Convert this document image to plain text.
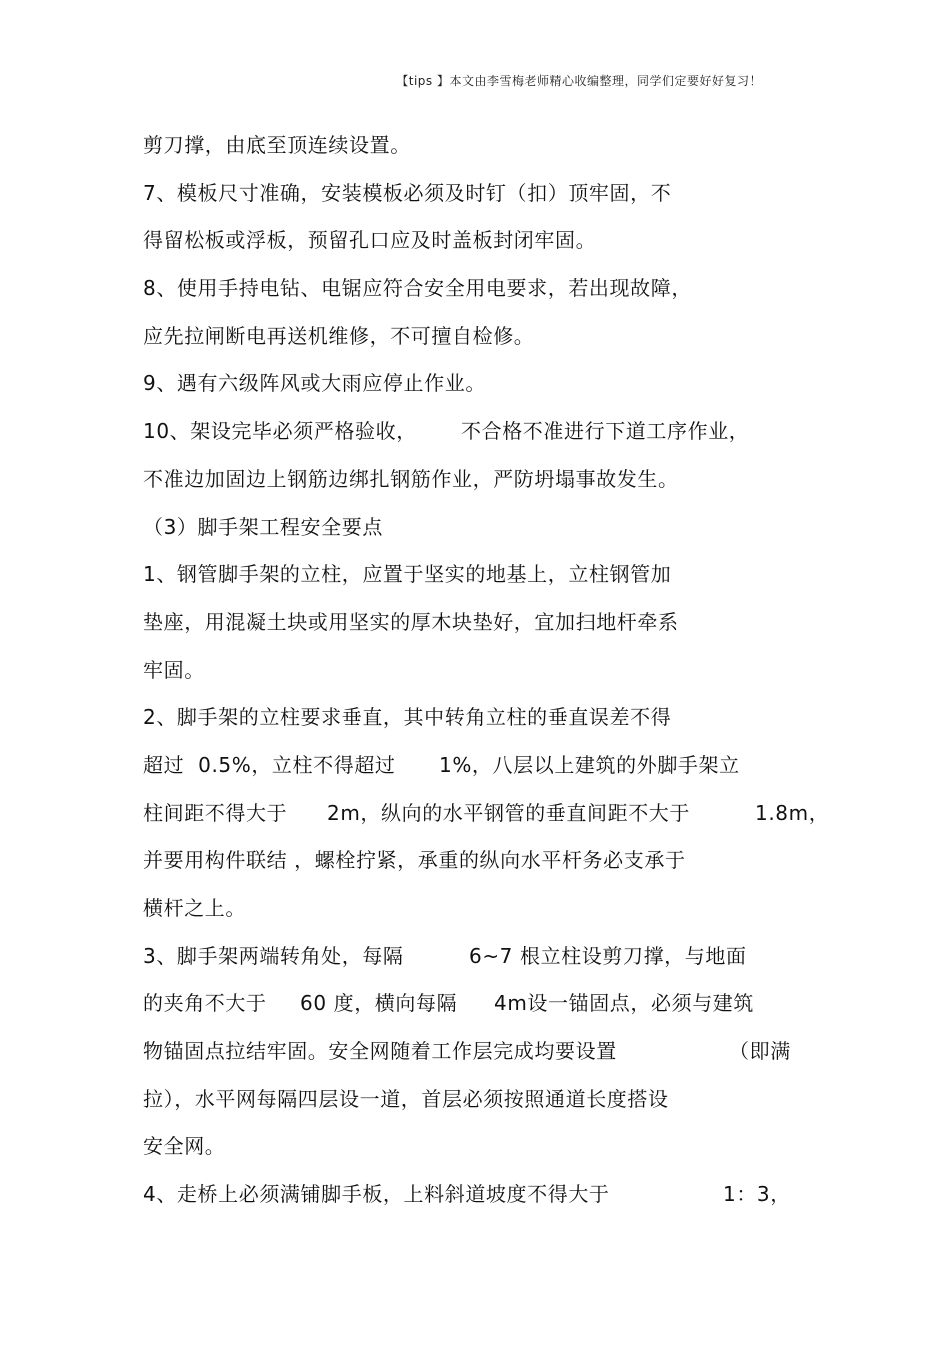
【tips 】本文由李雪梅老师精心收编整理，同学们定要好好复习！
剪刀撑，由底至顶连续设置。
7、模板尺寸准确，安装模板必须及时钉（扣）顶牢固，不
得留松板或浮板，预留孔口应及时盖板封闭牢固。
8、使用手持电钻、电锯应符合安全用电要求，若出现故障，
应先拉闸断电再送机维修，不可擅自检修。
9、遇有六级阵风或大雨应停止作业。
10、架设完毕必须严格验收， 不合格不准进行下道工序作业，
不准边加固边上钢筋边绑扎钢筋作业，严防坍塌事故发生。
（3）脚手架工程安全要点
1、钢管脚手架的立柱，应置于坚实的地基上，立柱钢管加
垫座，用混凝土块或用坚实的厚木块垫好，宜加扫地杆牵系
牢固。
2、脚手架的立柱要求垂直，其中转角立柱的垂直误差不得
超过  0.5%，立柱不得超过 1%，八层以上建筑的外脚手架立
柱间距不得大于 2m，纵向的水平钢管的垂直间距不大于	1.8m，
并要用构件联结 ，螺栓拧紧，承重的纵向水平杆务必支承于
横杆之上。
3、脚手架两端转角处，每隔	6~7 根立柱设剪刀撑，与地面
的夹角不大于 60 度，横向每隔 4m设一锚固点，必须与建筑
物锚固点拉结牢固。安全网随着工作层完成均要设置	（即满
拉），水平网每隔四层设一道，首层必须按照通道长度搭设
安全网。
4、走桥上必须满铺脚手板，上料斜道坡度不得大于	1：3，
